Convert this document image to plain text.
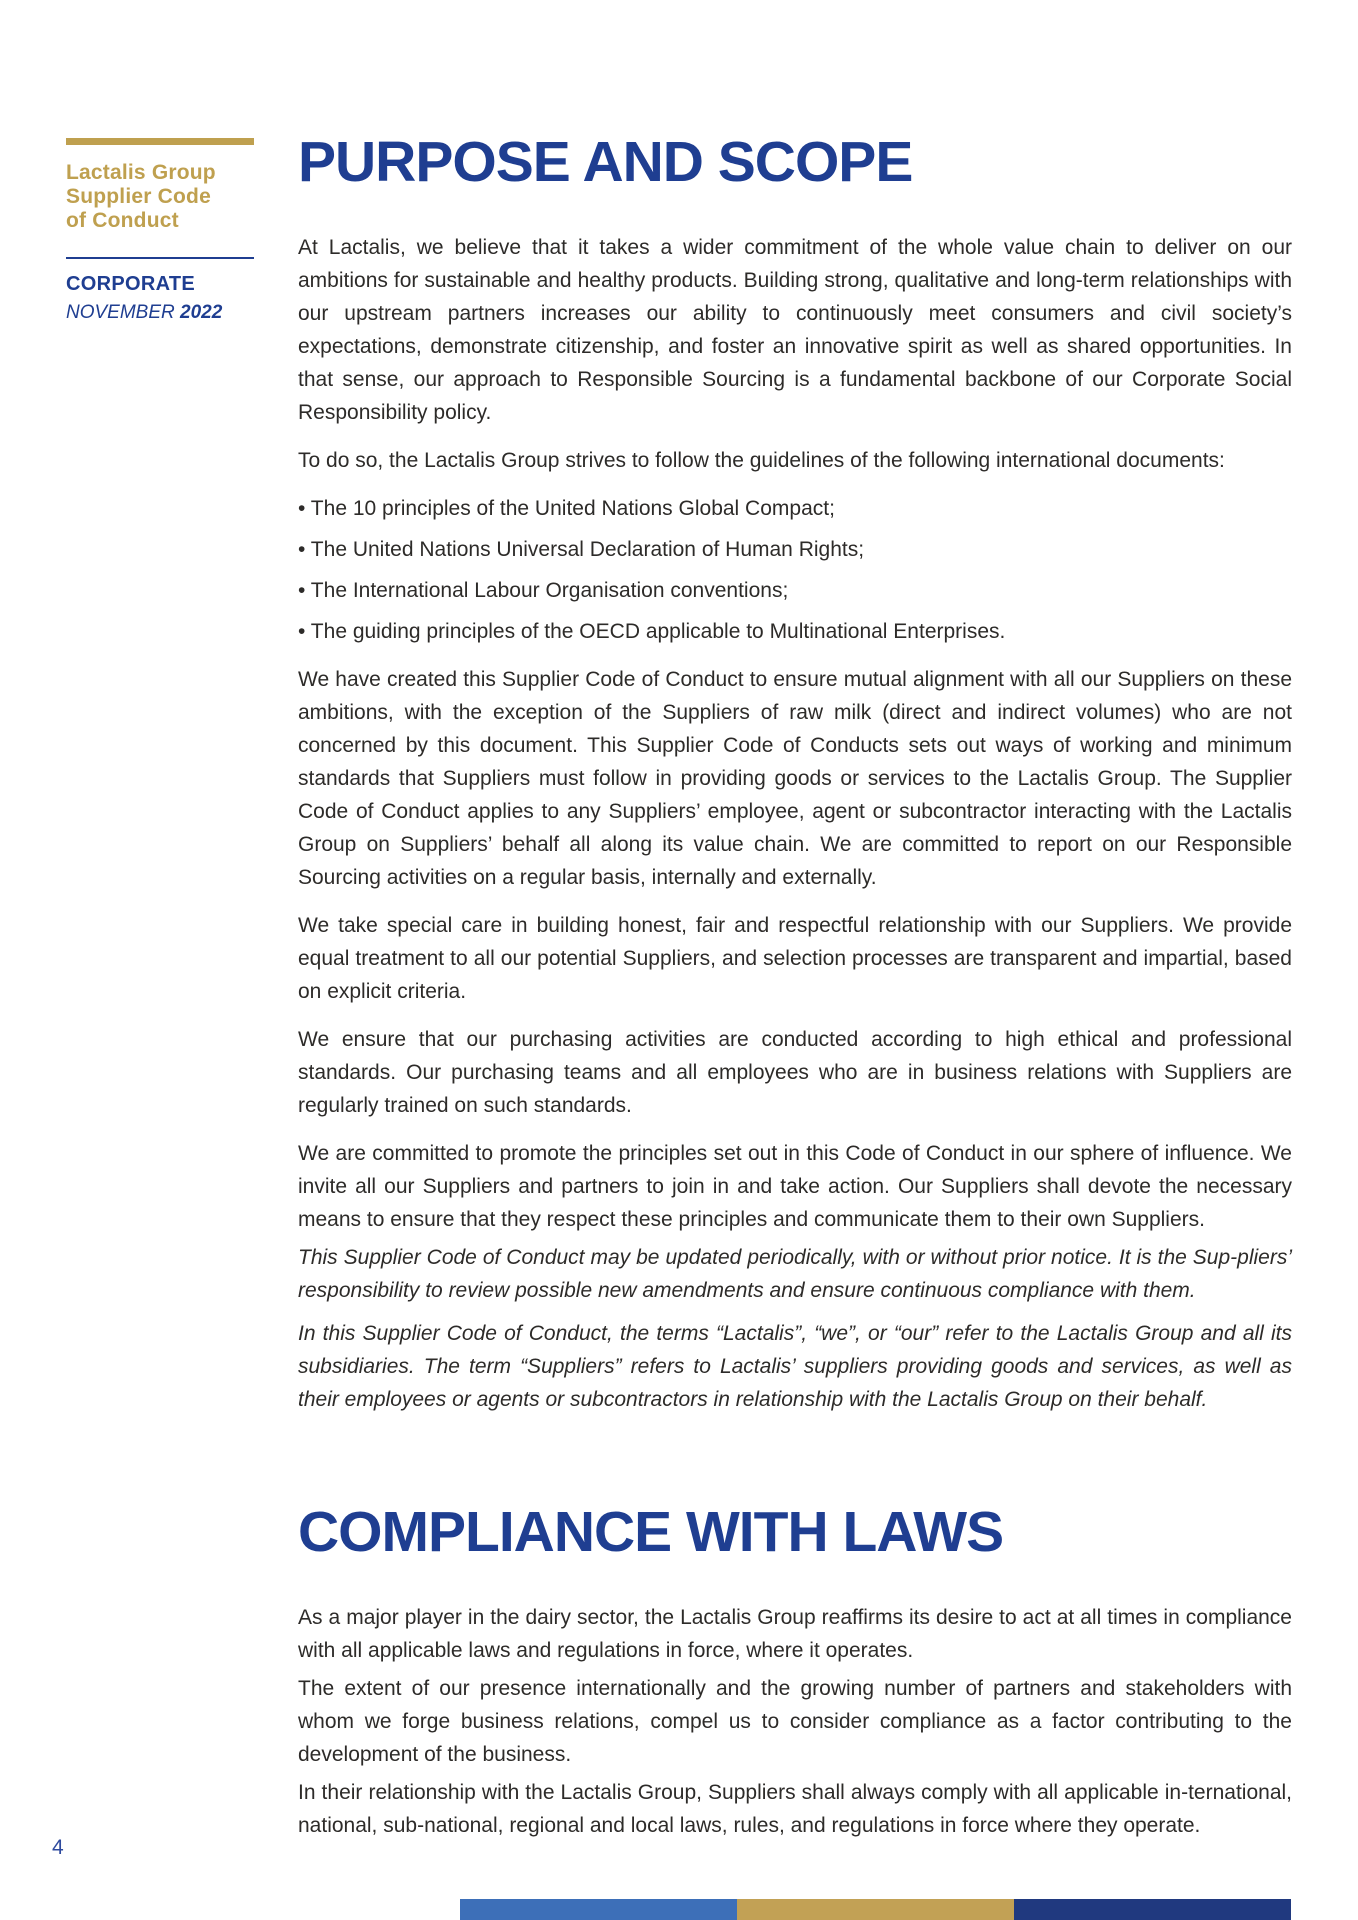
Lactalis Group
Supplier Code
of Conduct
CORPORATE
NOVEMBER 2022
PURPOSE AND SCOPE

At Lactalis, we believe that it takes a wider commitment of the whole value chain to deliver on our ambitions for sustainable and healthy products. Building strong, qualitative and long-term relationships with our upstream partners increases our ability to continuously meet consumers and civil society’s expectations, demonstrate citizenship, and foster an innovative spirit as well as shared opportunities. In that sense, our approach to Responsible Sourcing is a fundamental backbone of our Corporate Social Responsibility policy.

To do so, the Lactalis Group strives to follow the guidelines of the following international documents:

• The 10 principles of the United Nations Global Compact;
• The United Nations Universal Declaration of Human Rights;
• The International Labour Organisation conventions;
• The guiding principles of the OECD applicable to Multinational Enterprises.

We have created this Supplier Code of Conduct to ensure mutual alignment with all our Suppliers on these ambitions, with the exception of the Suppliers of raw milk (direct and indirect volumes) who are not concerned by this document. This Supplier Code of Conducts sets out ways of working and minimum standards that Suppliers must follow in providing goods or services to the Lactalis Group. The Supplier Code of Conduct applies to any Suppliers’ employee, agent or subcontractor interacting with the Lactalis Group on Suppliers’ behalf all along its value chain. We are committed to report on our Responsible Sourcing activities on a regular basis, internally and externally.

We take special care in building honest, fair and respectful relationship with our Suppliers. We provide equal treatment to all our potential Suppliers, and selection processes are transparent and impartial, based on explicit criteria.

We ensure that our purchasing activities are conducted according to high ethical and professional standards. Our purchasing teams and all employees who are in business relations with Suppliers are regularly trained on such standards.

We are committed to promote the principles set out in this Code of Conduct in our sphere of influence. We invite all our Suppliers and partners to join in and take action. Our Suppliers shall devote the necessary means to ensure that they respect these principles and communicate them to their own Suppliers.

This Supplier Code of Conduct may be updated periodically, with or without prior notice. It is the Sup-pliers’ responsibility to review possible new amendments and ensure continuous compliance with them.

In this Supplier Code of Conduct, the terms “Lactalis”, “we”, or “our” refer to the Lactalis Group and all its subsidiaries. The term “Suppliers” refers to Lactalis’ suppliers providing goods and services, as well as their employees or agents or subcontractors in relationship with the Lactalis Group on their behalf.

COMPLIANCE WITH LAWS

As a major player in the dairy sector, the Lactalis Group reaffirms its desire to act at all times in compliance with all applicable laws and regulations in force, where it operates.

The extent of our presence internationally and the growing number of partners and stakeholders with whom we forge business relations, compel us to consider compliance as a factor contributing to the development of the business.

In their relationship with the Lactalis Group, Suppliers shall always comply with all applicable in-ternational, national, sub-national, regional and local laws, rules, and regulations in force where they operate.

4
